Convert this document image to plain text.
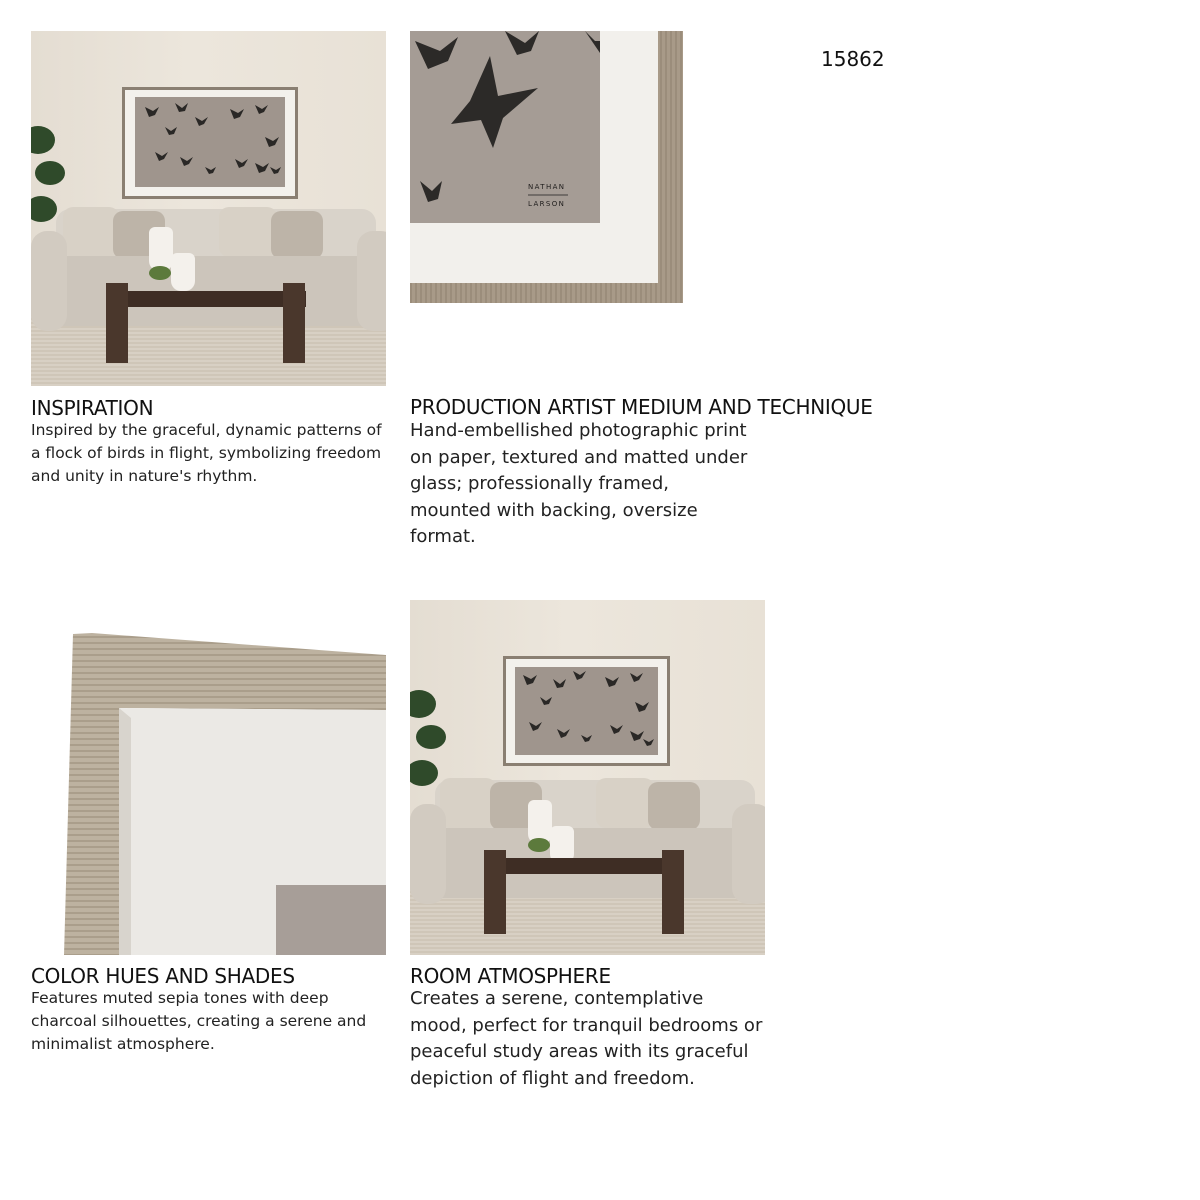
15862
NATHAN
LARSON
INSPIRATION
Inspired by the graceful, dynamic patterns of a flock of birds in flight, symbolizing freedom and unity in nature's rhythm.
PRODUCTION ARTIST MEDIUM AND TECHNIQUE
Hand-embellished photographic print on paper, textured and matted under glass; professionally framed, mounted with backing, oversize format.
COLOR HUES AND SHADES
Features muted sepia tones with deep charcoal silhouettes, creating a serene and minimalist atmosphere.
ROOM ATMOSPHERE
Creates a serene, contemplative mood, perfect for tranquil bedrooms or peaceful study areas with its graceful depiction of flight and freedom.
